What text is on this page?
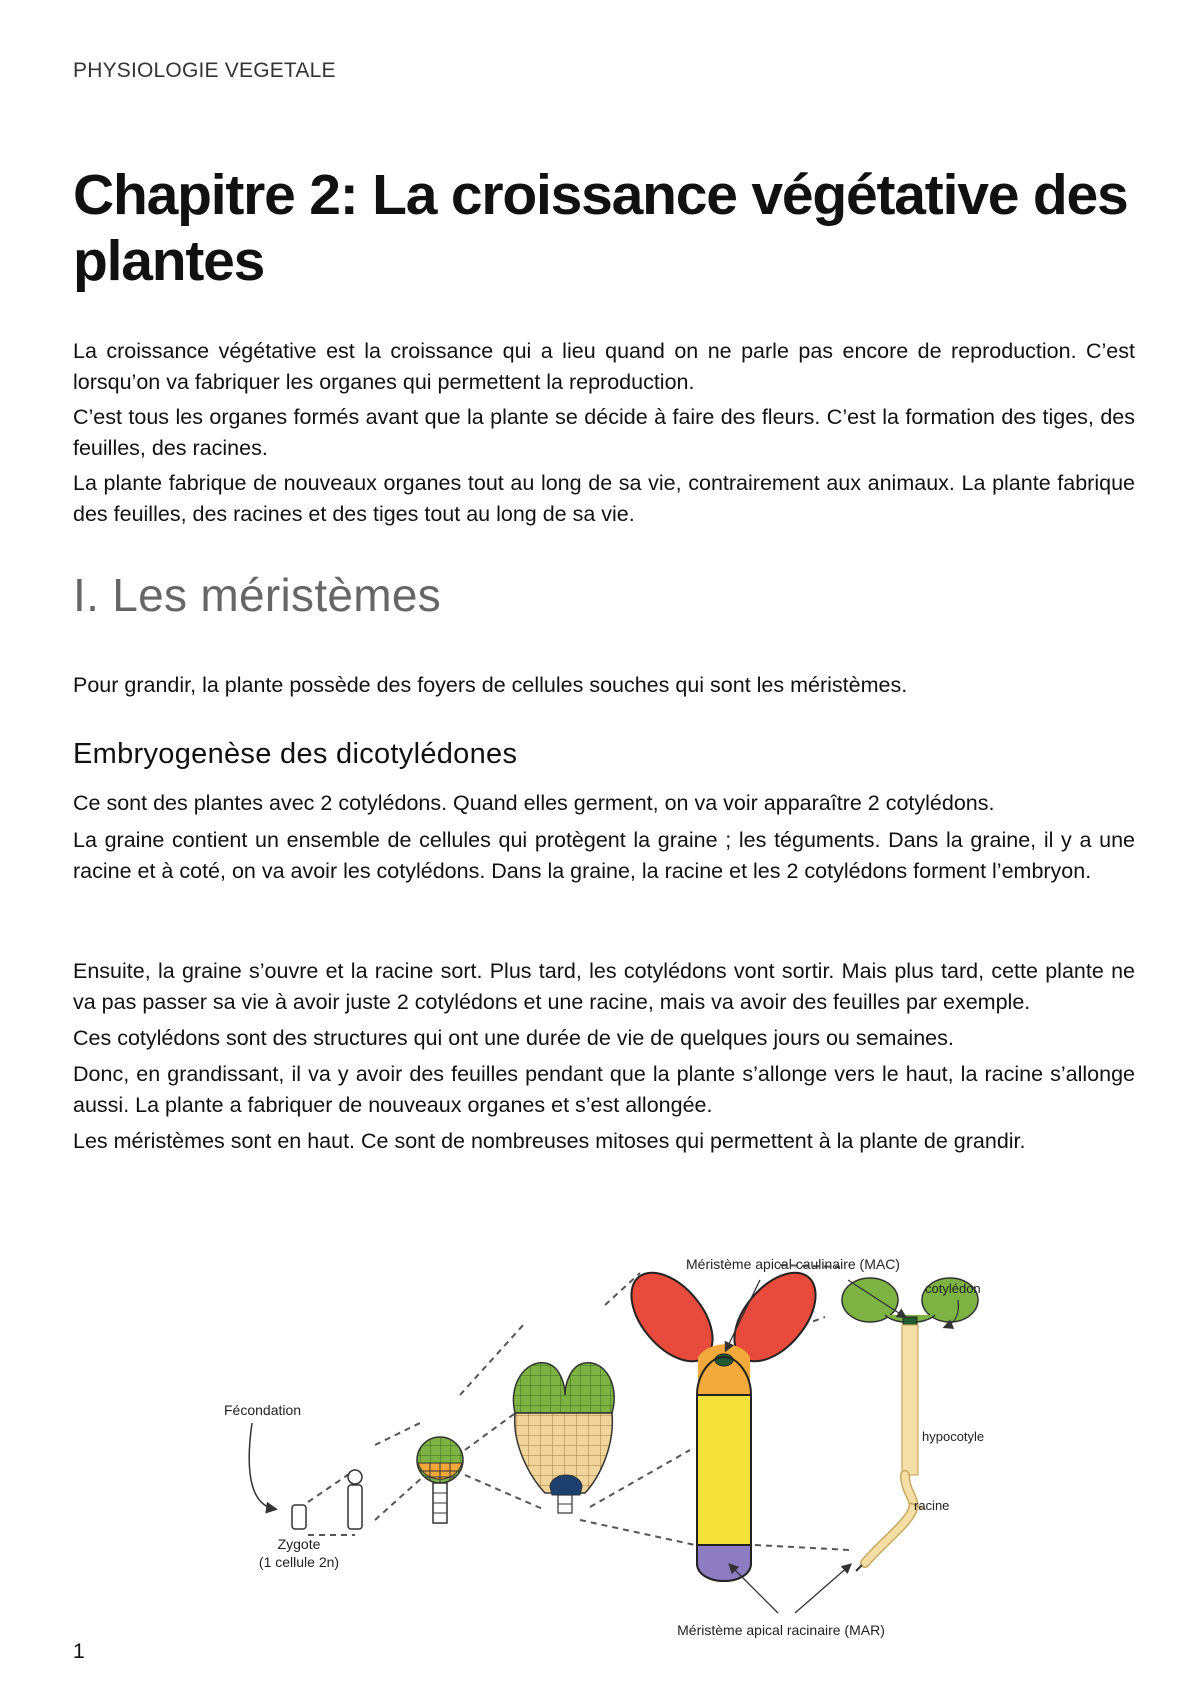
PHYSIOLOGIE VEGETALE
Chapitre 2: La croissance végétative des plantes

La croissance végétative est la croissance qui a lieu quand on ne parle pas encore de reproduction. C’est lorsqu’on va fabriquer les organes qui permettent la reproduction.

C’est tous les organes formés avant que la plante se décide à faire des fleurs. C’est la formation des tiges, des feuilles, des racines.

La plante fabrique de nouveaux organes tout au long de sa vie, contrairement aux animaux. La plante fabrique des feuilles, des racines et des tiges tout au long de sa vie.

I. Les méristèmes

Pour grandir, la plante possède des foyers de cellules souches qui sont les méristèmes.

Embryogenèse des dicotylédones

Ce sont des plantes avec 2 cotylédons. Quand elles germent, on va voir apparaître 2 cotylédons.

La graine contient un ensemble de cellules qui protègent la graine ; les téguments. Dans la graine, il y a une racine et à coté, on va avoir les cotylédons. Dans la graine, la racine et les 2 cotylédons forment l’embryon.

Ensuite, la graine s’ouvre et la racine sort. Plus tard, les cotylédons vont sortir. Mais plus tard, cette plante ne va pas passer sa vie à avoir juste 2 cotylédons et une racine, mais va avoir des feuilles par exemple.

Ces cotylédons sont des structures qui ont une durée de vie de quelques jours ou semaines.

Donc, en grandissant, il va y avoir des feuilles pendant que la plante s’allonge vers le haut, la racine s’allonge aussi. La plante a fabriquer de nouveaux organes et s’est allongée.

Les méristèmes sont en haut. Ce sont de nombreuses mitoses qui permettent à la plante de grandir.

Fécondation
Zygote
(1 cellule 2n)
Méristème apical caulinaire (MAC)
cotylédon
hypocotyle
racine
Méristème apical racinaire (MAR)
1
